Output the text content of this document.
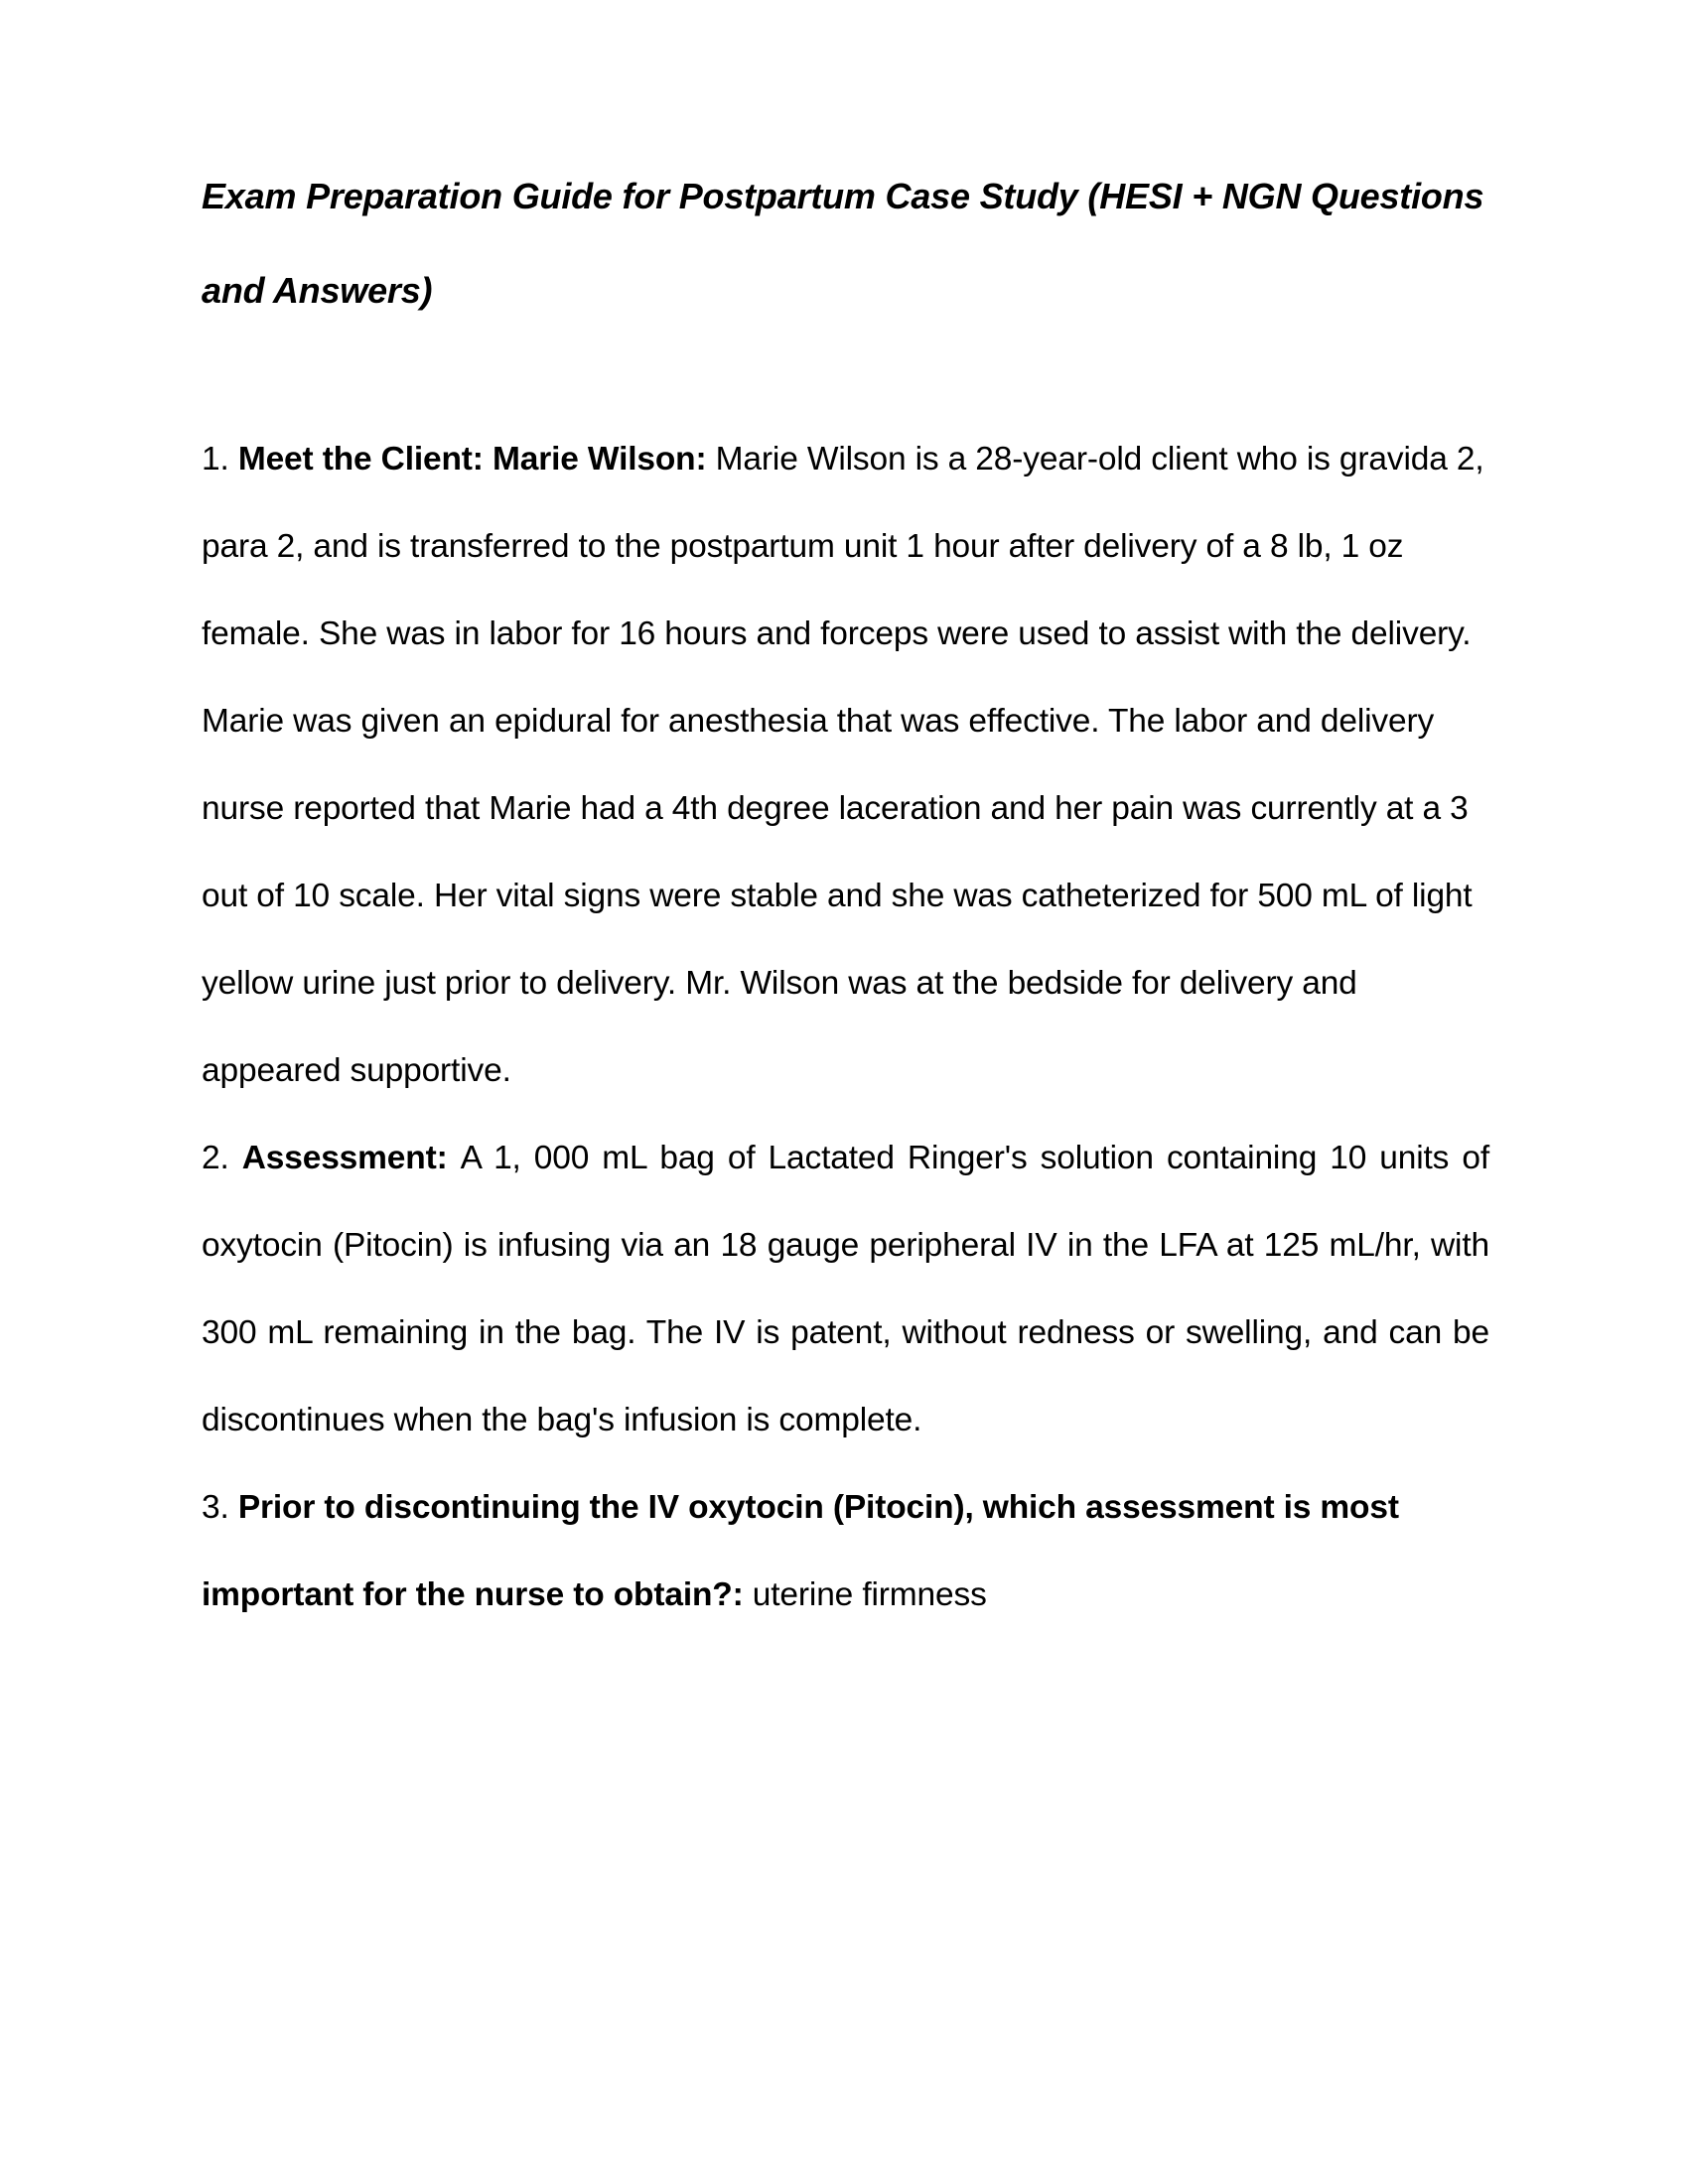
Exam Preparation Guide for Postpartum Case Study (HESI + NGN Questions and Answers)

1. Meet the Client: Marie Wilson: Marie Wilson is a 28-year-old client who is gravida 2, para 2, and is transferred to the postpartum unit 1 hour after delivery of a 8 lb, 1 oz female. She was in labor for 16 hours and forceps were used to assist with the delivery. Marie was given an epidural for anesthesia that was effective. The labor and delivery nurse reported that Marie had a 4th degree laceration and her pain was currently at a 3 out of 10 scale. Her vital signs were stable and she was catheterized for 500 mL of light yellow urine just prior to delivery. Mr. Wilson was at the bedside for delivery and appeared supportive.

2. Assessment: A 1, 000 mL bag of Lactated Ringer's solution containing 10 units of oxytocin (Pitocin) is infusing via an 18 gauge peripheral IV in the LFA at 125 mL/hr, with 300 mL remaining in the bag. The IV is patent, without redness or swelling, and can be discontinues when the bag's infusion is complete.

3. Prior to discontinuing the IV oxytocin (Pitocin), which assessment is most important for the nurse to obtain?: uterine firmness
